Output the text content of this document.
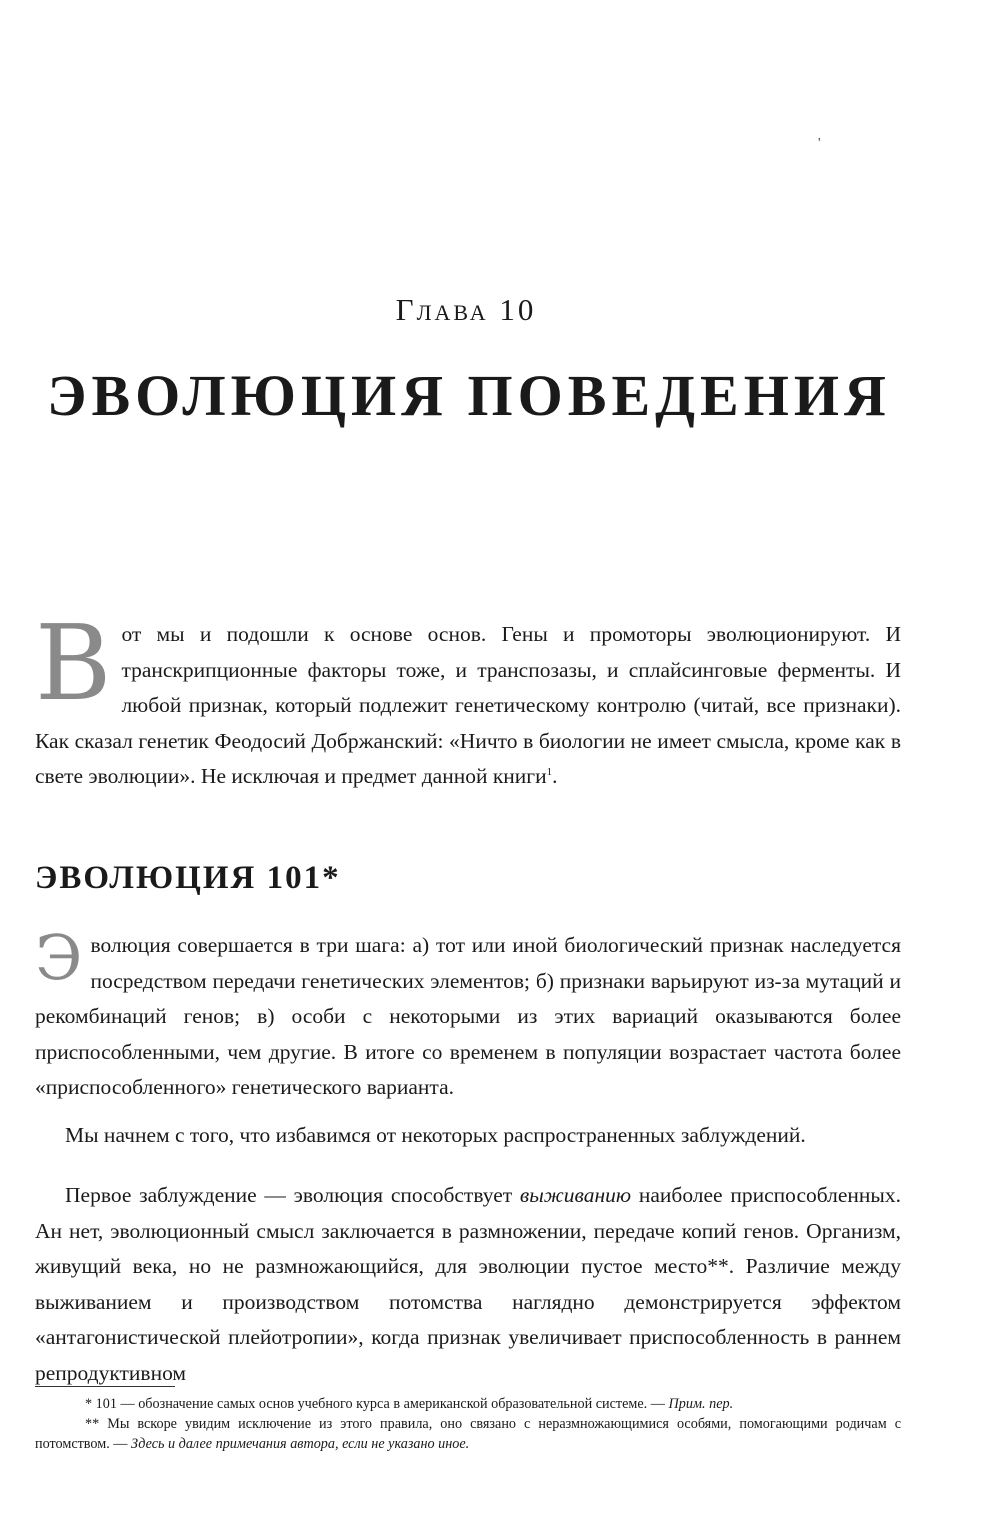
'
Глава 10
ЭВОЛЮЦИЯ ПОВЕДЕНИЯ
Вот мы и подошли к основе основ. Гены и промоторы эволюционируют. И транскрипционные факторы тоже, и транспозазы, и сплайсинговые ферменты. И любой признак, который подлежит генетическому контролю (читай, все признаки). Как сказал генетик Феодосий Добржанский: «Ничто в биологии не имеет смысла, кроме как в свете эволюции». Не исключая и предмет данной книги$^1$.
ЭВОЛЮЦИЯ 101*
Эволюция совершается в три шага: а) тот или иной биологический признак наследуется посредством передачи генетических элементов; б) признаки варьируют из-за мутаций и рекомбинаций генов; в) особи с некоторыми из этих вариаций оказываются более приспособленными, чем другие. В итоге со временем в популяции возрастает частота более «приспособленного» генетического варианта.
Мы начнем с того, что избавимся от некоторых распространенных заблуждений.
Первое заблуждение — эволюция способствует выживанию наиболее приспособленных. Ан нет, эволюционный смысл заключается в размножении, передаче копий генов. Организм, живущий века, но не размножающийся, для эволюции пустое место**. Различие между выживанием и производством потомства наглядно демонстрируется эффектом «антагонистической плейотропии», когда признак увеличивает приспособленность в раннем репродуктивном
* 101 — обозначение самых основ учебного курса в американской образовательной системе. — Прим. пер.
** Мы вскоре увидим исключение из этого правила, оно связано с неразмножающимися особями, помогающими родичам с потомством. — Здесь и далее примечания автора, если не указано иное.
